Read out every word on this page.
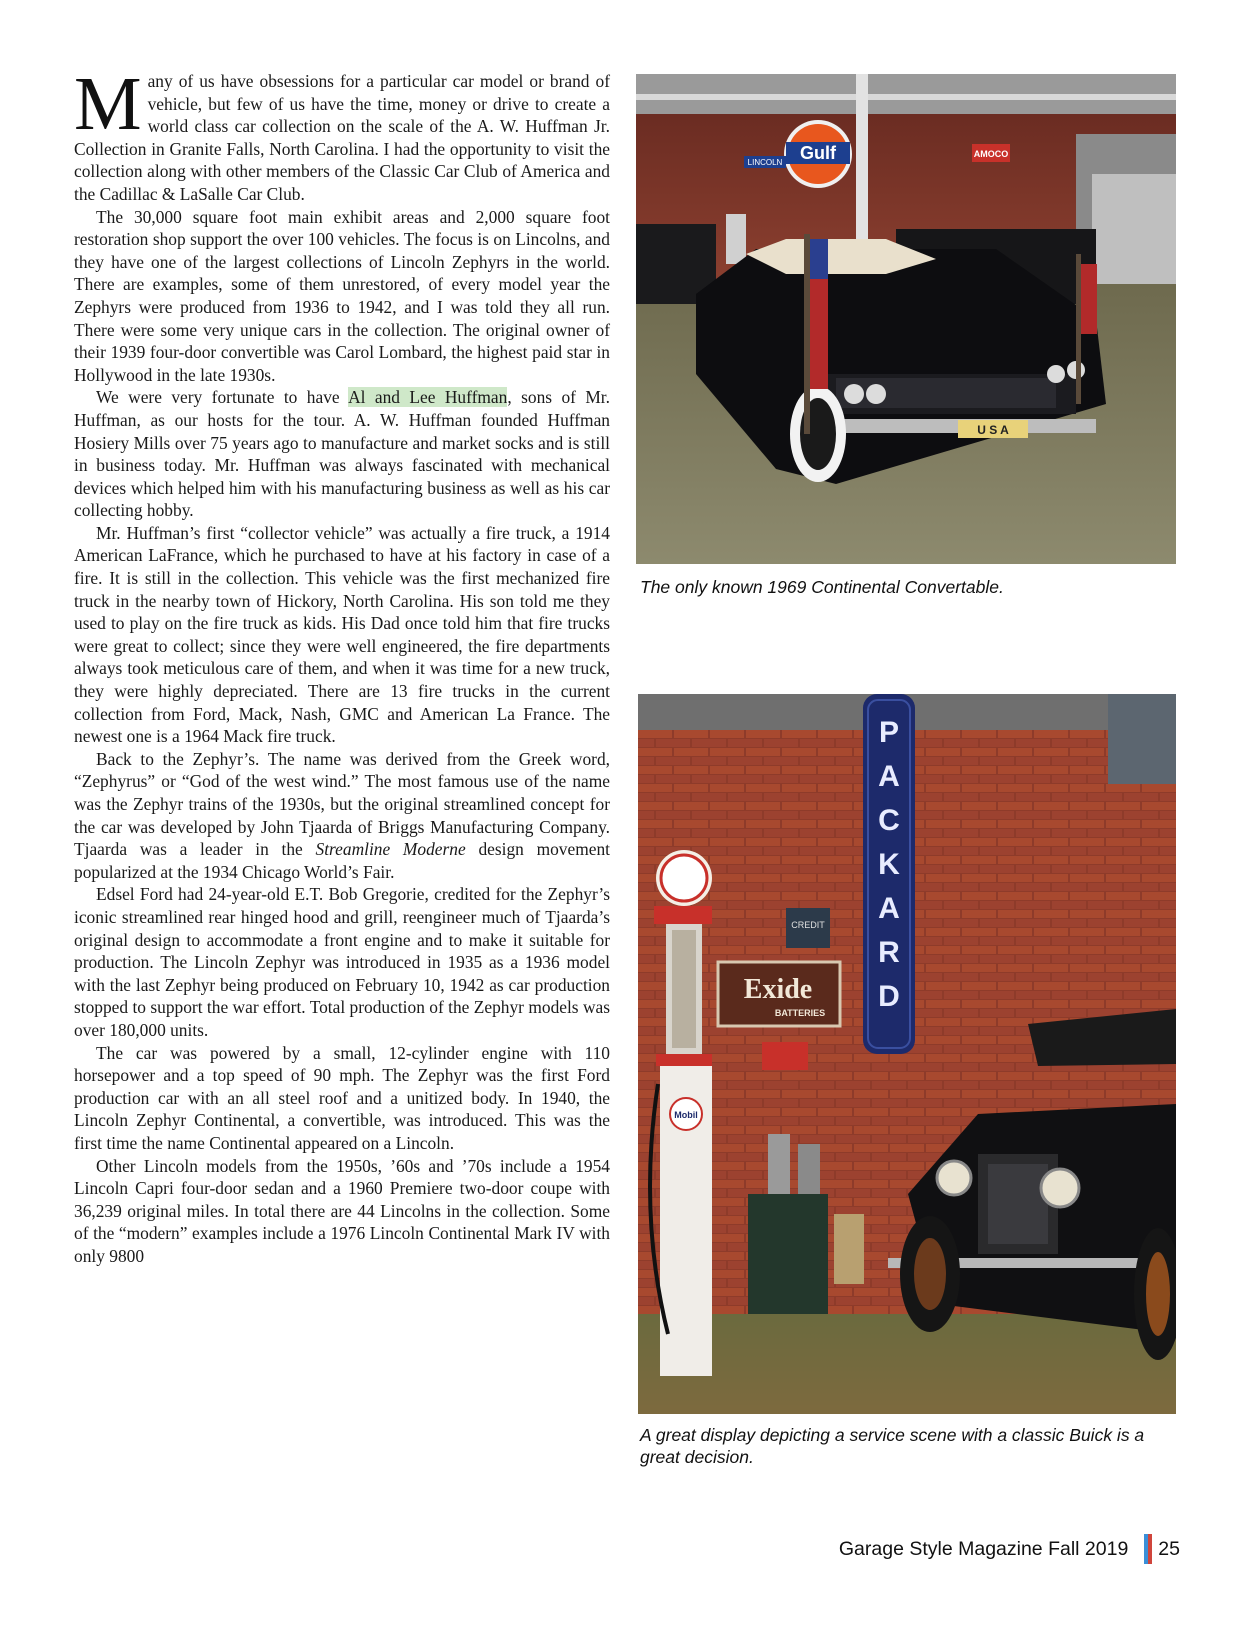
Many of us have obsessions for a particular car model or brand of vehicle, but few of us have the time, money or drive to create a world class car collection on the scale of the A. W. Huffman Jr. Collection in Granite Falls, North Carolina. I had the opportunity to visit the collection along with other members of the Classic Car Club of America and the Cadillac & LaSalle Car Club.

The 30,000 square foot main exhibit areas and 2,000 square foot restoration shop support the over 100 vehicles. The focus is on Lincolns, and they have one of the largest collections of Lincoln Zephyrs in the world. There are examples, some of them unrestored, of every model year the Zephyrs were produced from 1936 to 1942, and I was told they all run. There were some very unique cars in the collection. The original owner of their 1939 four-door convertible was Carol Lombard, the highest paid star in Hollywood in the late 1930s.

We were very fortunate to have Al and Lee Huffman, sons of Mr. Huffman, as our hosts for the tour. A. W. Huffman founded Huffman Hosiery Mills over 75 years ago to manufacture and market socks and is still in business today. Mr. Huffman was always fascinated with mechanical devices which helped him with his manufacturing business as well as his car collecting hobby.

Mr. Huffman’s first “collector vehicle” was actually a fire truck, a 1914 American LaFrance, which he purchased to have at his factory in case of a fire. It is still in the collection. This vehicle was the first mechanized fire truck in the nearby town of Hickory, North Carolina. His son told me they used to play on the fire truck as kids. His Dad once told him that fire trucks were great to collect; since they were well engineered, the fire departments always took meticulous care of them, and when it was time for a new truck, they were highly depreciated. There are 13 fire trucks in the current collection from Ford, Mack, Nash, GMC and American La France. The newest one is a 1964 Mack fire truck.

Back to the Zephyr’s. The name was derived from the Greek word, “Zephyrus” or “God of the west wind.” The most famous use of the name was the Zephyr trains of the 1930s, but the original streamlined concept for the car was developed by John Tjaarda of Briggs Manufacturing Company. Tjaarda was a leader in the Streamline Moderne design movement popularized at the 1934 Chicago World’s Fair.

Edsel Ford had 24-year-old E.T. Bob Gregorie, credited for the Zephyr’s iconic streamlined rear hinged hood and grill, reengineer much of Tjaarda’s original design to accommodate a front engine and to make it suitable for production. The Lincoln Zephyr was introduced in 1935 as a 1936 model with the last Zephyr being produced on February 10, 1942 as car production stopped to support the war effort. Total production of the Zephyr models was over 180,000 units.

The car was powered by a small, 12-cylinder engine with 110 horsepower and a top speed of 90 mph. The Zephyr was the first Ford production car with an all steel roof and a unitized body. In 1940, the Lincoln Zephyr Continental, a convertible, was introduced. This was the first time the name Continental appeared on a Lincoln.

Other Lincoln models from the 1950s, ’60s and ’70s include a 1954 Lincoln Capri four-door sedan and a 1960 Premiere two-door coupe with 36,239 original miles. In total there are 44 Lincolns in the collection. Some of the “modern” examples include a 1976 Lincoln Continental Mark IV with only 9800

Gulf
LINCOLN
AMOCO
U S A
The only known 1969 Continental Convertable.
P
A
C
K
A
R
D
CREDIT
Exide
BATTERIES
Mobil
A great display depicting a service scene with a classic Buick is a great decision.
Garage Style Magazine Fall 2019 25
